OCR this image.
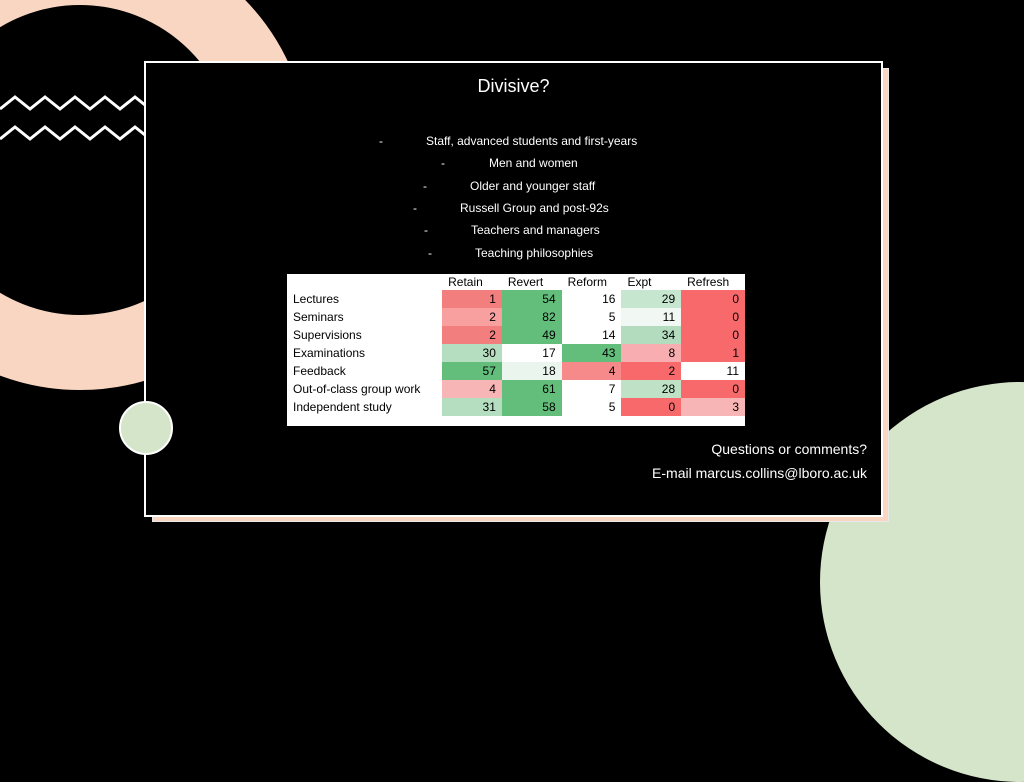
Divisive?
-	Staff, advanced students and first-years
-	Men and women
-	Older and younger staff
-	Russell Group and post-92s
-	Teachers and managers
-	Teaching philosophies
	Retain	Revert	Reform	Expt	Refresh
Lectures	1	54	16	29	0
Seminars	2	82	5	11	0
Supervisions	2	49	14	34	0
Examinations	30	17	43	8	1
Feedback	57	18	4	2	11
Out-of-class group work	4	61	7	28	0
Independent study	31	58	5	0	3
Questions or comments?
E-mail marcus.collins@lboro.ac.uk
